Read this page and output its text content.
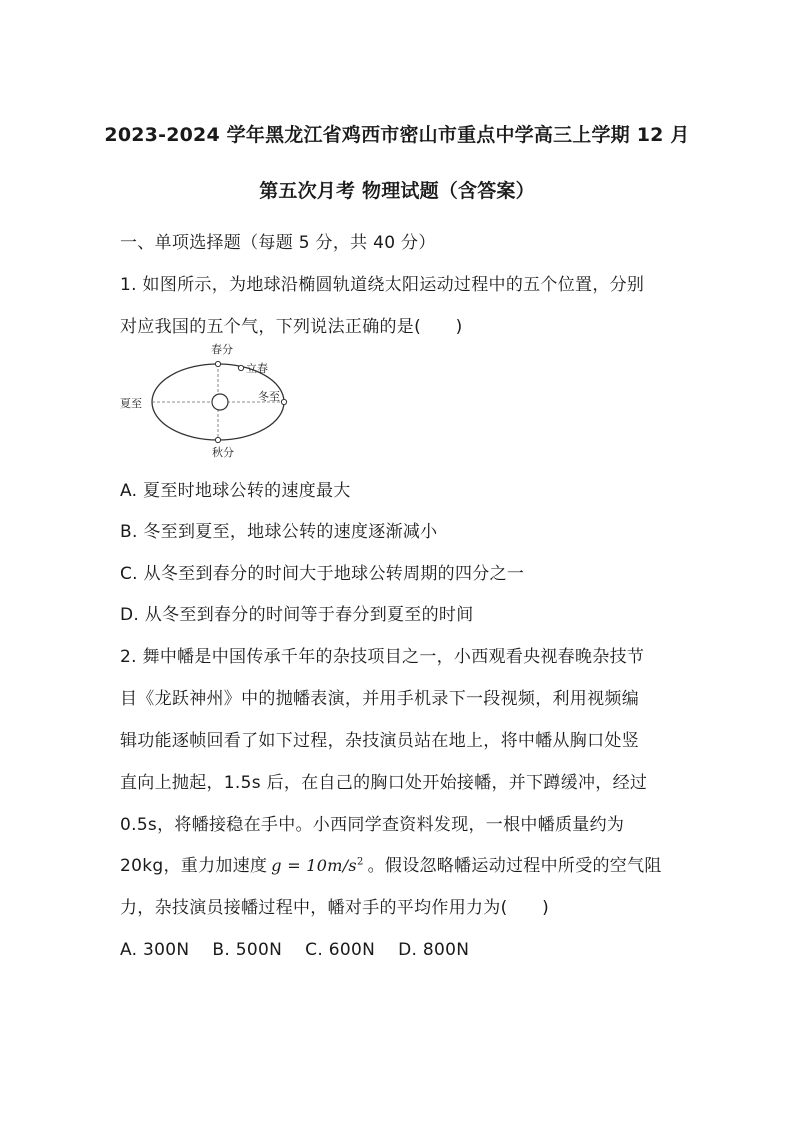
2023-2024 学年黑龙江省鸡西市密山市重点中学高三上学期 12 月
第五次月考 物理试题（含答案）
一、单项选择题（每题 5 分，共 40 分）
1. 如图所示，为地球沿椭圆轨道绕太阳运动过程中的五个位置，分别
对应我国的五个气，下列说法正确的是(　　)
春分
立春
夏至
冬至
秋分
A. 夏至时地球公转的速度最大
B. 冬至到夏至，地球公转的速度逐渐减小
C. 从冬至到春分的时间大于地球公转周期的四分之一
D. 从冬至到春分的时间等于春分到夏至的时间
2. 舞中幡是中国传承千年的杂技项目之一，小西观看央视春晚杂技节
目《龙跃神州》中的抛幡表演，并用手机录下一段视频，利用视频编
辑功能逐帧回看了如下过程，杂技演员站在地上，将中幡从胸口处竖
直向上抛起，1.5s 后，在自己的胸口处开始接幡，并下蹲缓冲，经过
0.5s，将幡接稳在手中。小西同学查资料发现，一根中幡质量约为
20kg，重力加速度 $g = 10m/s^2$ 。假设忽略幡运动过程中所受的空气阻
力，杂技演员接幡过程中，幡对手的平均作用力为(　　)
A. 300N　 B. 500N　 C. 600N　 D. 800N
